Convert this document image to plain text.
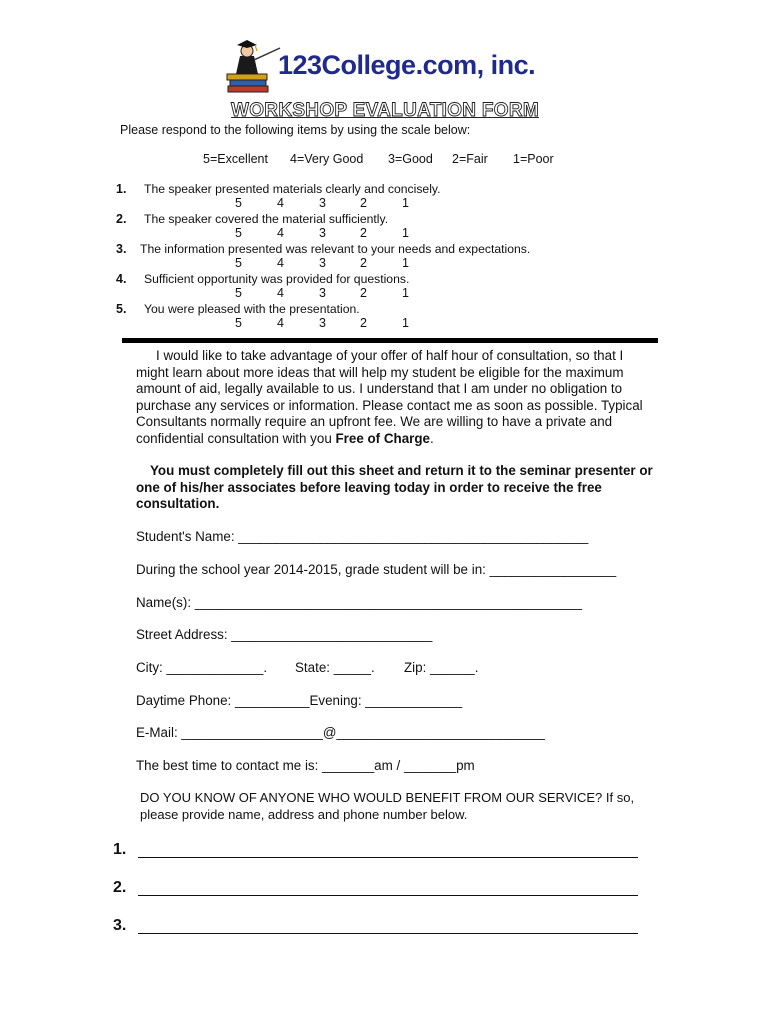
123College.com, inc.
WORKSHOP EVALUATION FORM
Please respond to the following items by using the scale below:
5=Excellent 4=Very Good 3=Good 2=Fair 1=Poor
1. The speaker presented materials clearly and concisely.
5	4	3	2	1
2. The speaker covered the material sufficiently.
5	4	3	2	1
3. The information presented was relevant to your needs and expectations.
5	4	3	2	1
4. Sufficient opportunity was provided for questions.
5	4	3	2	1
5. You were pleased with the presentation.
5	4	3	2	1
I would like to take advantage of your offer of half hour of consultation, so that I might learn about more ideas that will help my student be eligible for the maximum amount of aid, legally available to us. I understand that I am under no obligation to purchase any services or information. Please contact me as soon as possible. Typical Consultants normally require an upfront fee. We are willing to have a private and confidential consultation with you Free of Charge.
You must completely fill out this sheet and return it to the seminar presenter or one of his/her associates before leaving today in order to receive the free consultation.
Student's Name: _______________________________________________
During the school year 2014-2015, grade student will be in: _________________
Name(s): ____________________________________________________
Street Address: ___________________________
City: _____________. State: _____. Zip: ______.
Daytime Phone: __________Evening: _____________
E-Mail: ___________________@____________________________
The best time to contact me is: _______am / _______pm
DO YOU KNOW OF ANYONE WHO WOULD BENEFIT FROM OUR SERVICE? If so, please provide name, address and phone number below.
1.
2.
3.
